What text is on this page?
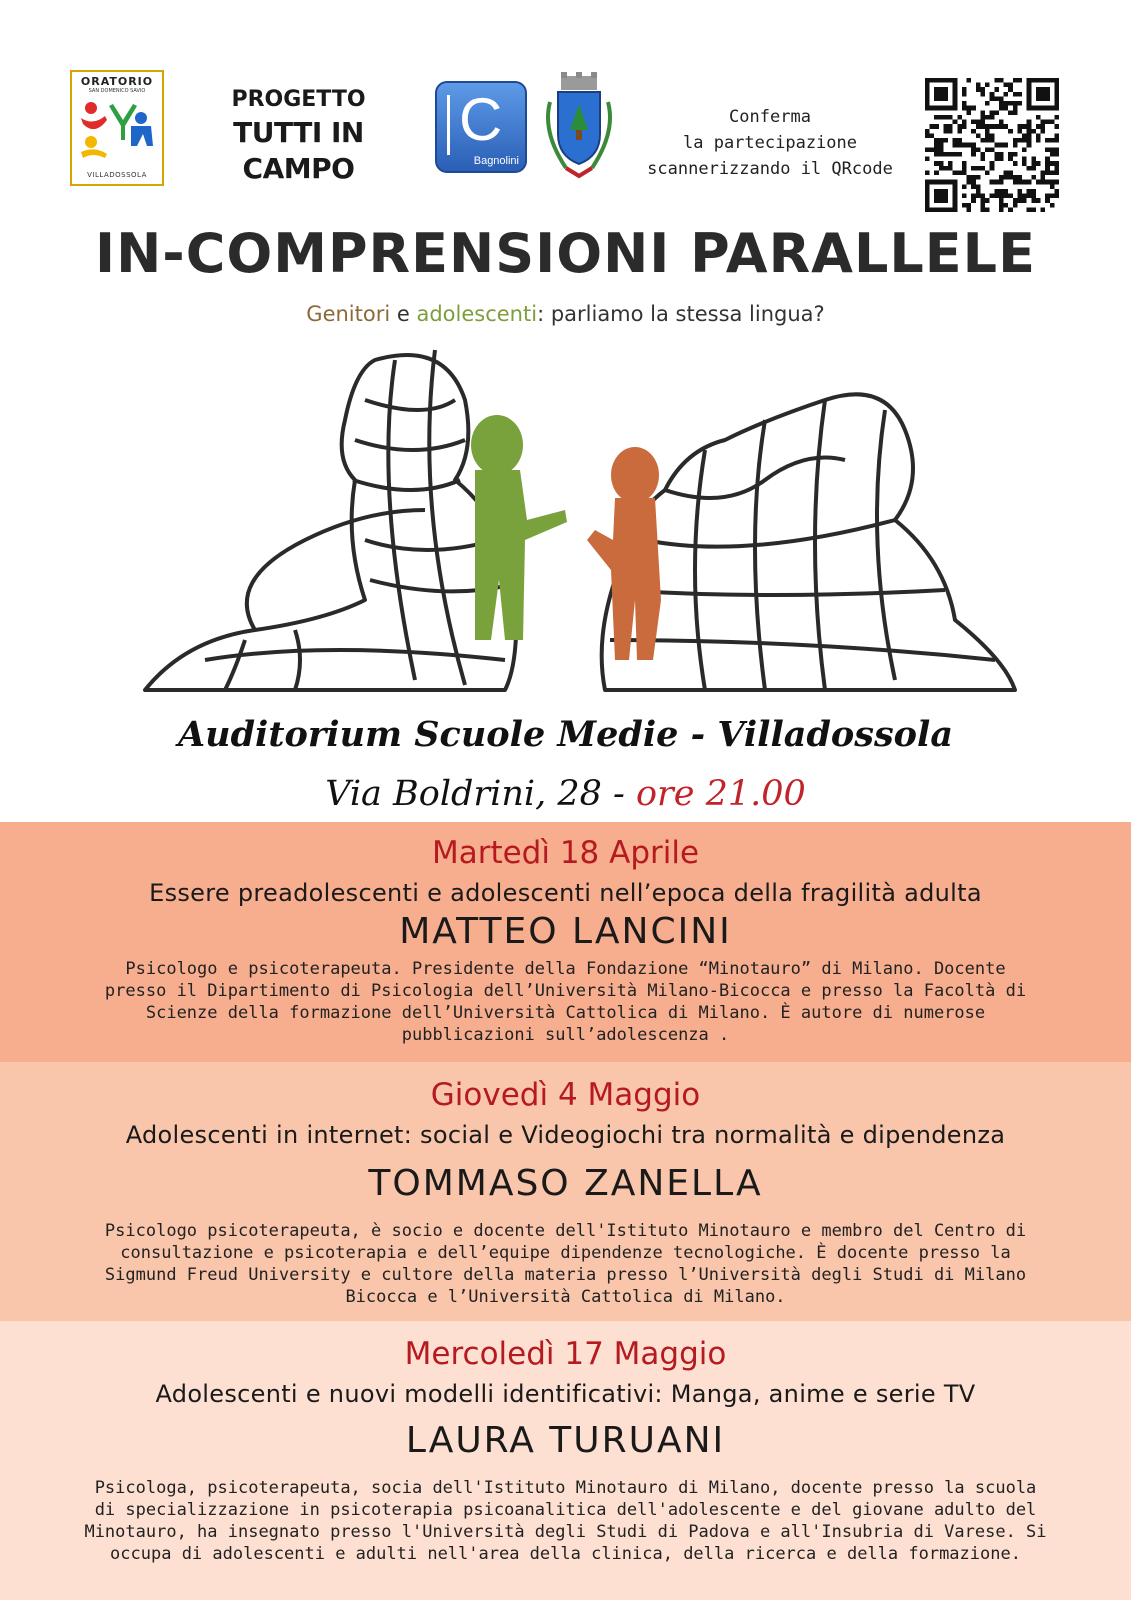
ORATORIO
SAN DOMENICO SAVIO
VILLADOSSOLA
PROGETTO
TUTTI IN CAMPO
C
Bagnolini
Conferma
la partecipazione
scannerizzando il QRcode
IN-COMPRENSIONI PARALLELE
Genitori e adolescenti: parliamo la stessa lingua?
Auditorium Scuole Medie - Villadossola
Via Boldrini, 28 - ore 21.00
Martedì 18 Aprile
Essere preadolescenti e adolescenti nell’epoca della fragilità adulta
MATTEO LANCINI
Psicologo e psicoterapeuta. Presidente della Fondazione “Minotauro” di Milano. Docente
presso il Dipartimento di Psicologia dell’Università Milano-Bicocca e presso la Facoltà di
Scienze della formazione dell’Università Cattolica di Milano. È autore di numerose
pubblicazioni sull’adolescenza .
Giovedì 4 Maggio
Adolescenti in internet: social e Videogiochi tra normalità e dipendenza
TOMMASO ZANELLA
Psicologo psicoterapeuta, è socio e docente dell'Istituto Minotauro e membro del Centro di
consultazione e psicoterapia e dell’equipe dipendenze tecnologiche. È docente presso la
Sigmund Freud University e cultore della materia presso l’Università degli Studi di Milano
Bicocca e l’Università Cattolica di Milano.
Mercoledì 17 Maggio
Adolescenti e nuovi modelli identificativi: Manga, anime e serie TV
LAURA TURUANI
Psicologa, psicoterapeuta, socia dell'Istituto Minotauro di Milano, docente presso la scuola
di specializzazione in psicoterapia psicoanalitica dell'adolescente e del giovane adulto del
Minotauro, ha insegnato presso l'Università degli Studi di Padova e all'Insubria di Varese. Si
occupa di adolescenti e adulti nell'area della clinica, della ricerca e della formazione.
